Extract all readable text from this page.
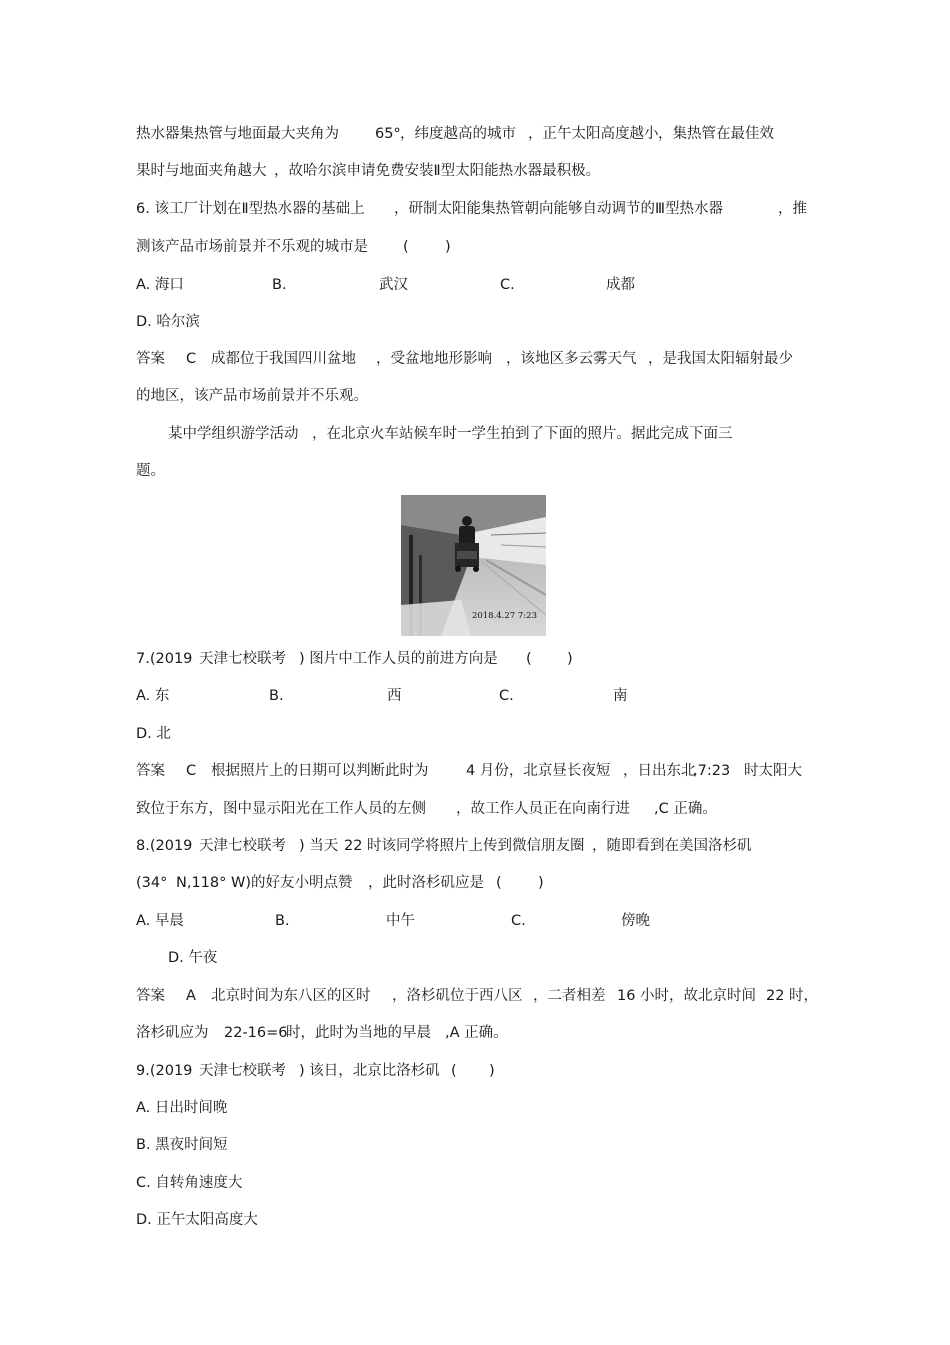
热水器集热管与地面最大夹角为

65°

，纬度越高的城市

，正午太阳高度越小

，集热管在最佳效

果时与地面夹角越大

，故哈尔滨申请免费安装Ⅱ型太阳能热水器最积极。

6. 该工厂计划在Ⅱ型热水器的基础上

，研制太阳能集热管朝向能够自动调节的Ⅲ型热水器

	，推

测该产品市场前景并不乐观的城市是

(

	)

A. 海口

	B.

	武汉

	C.

	成都

D. 哈尔滨

答案

C

成都位于我国四川盆地

，受盆地地形影响

，该地区多云雾天气

，是我国太阳辐射最少

的地区，该产品市场前景并不乐观。

某中学组织游学活动

，在北京火车站候车时一学生拍到了下面的照片。据此完成下面三

题。
2018.4.27 7:23

7.(2019

天津七校联考

) 图片中工作人员的前进方向是

(

)

A. 东

	B.

	西

	C.

	南

D. 北

答案

C

根据照片上的日期可以判断此时为

	4 月份，北京昼长夜短

，日出东北

,7:23

时太阳大

致位于东方，图中显示阳光在工作人员的左侧

，故工作人员正在向南行进

,C 正确。

8.(2019

天津七校联考

) 当天

22 时该同学将照片上传到微信朋友圈

，随即看到在美国洛杉矶

(34°

N,118°

W)的好友小明点赞

，此时洛杉矶应是

(

	)

A. 早晨

	B.

	中午

	C.

	傍晚

D. 午夜

答案

A

北京时间为东八区的区时

，洛杉矶位于西八区

，二者相差

16 小时，故北京时间

22 时，

洛杉矶应为

22-16=6

时，此时为当地的早晨

,A 正确。

9.(2019

天津七校联考

) 该日，北京比洛杉矶

(

)

A. 日出时间晚
B. 黑夜时间短
C. 自转角速度大
D. 正午太阳高度大
